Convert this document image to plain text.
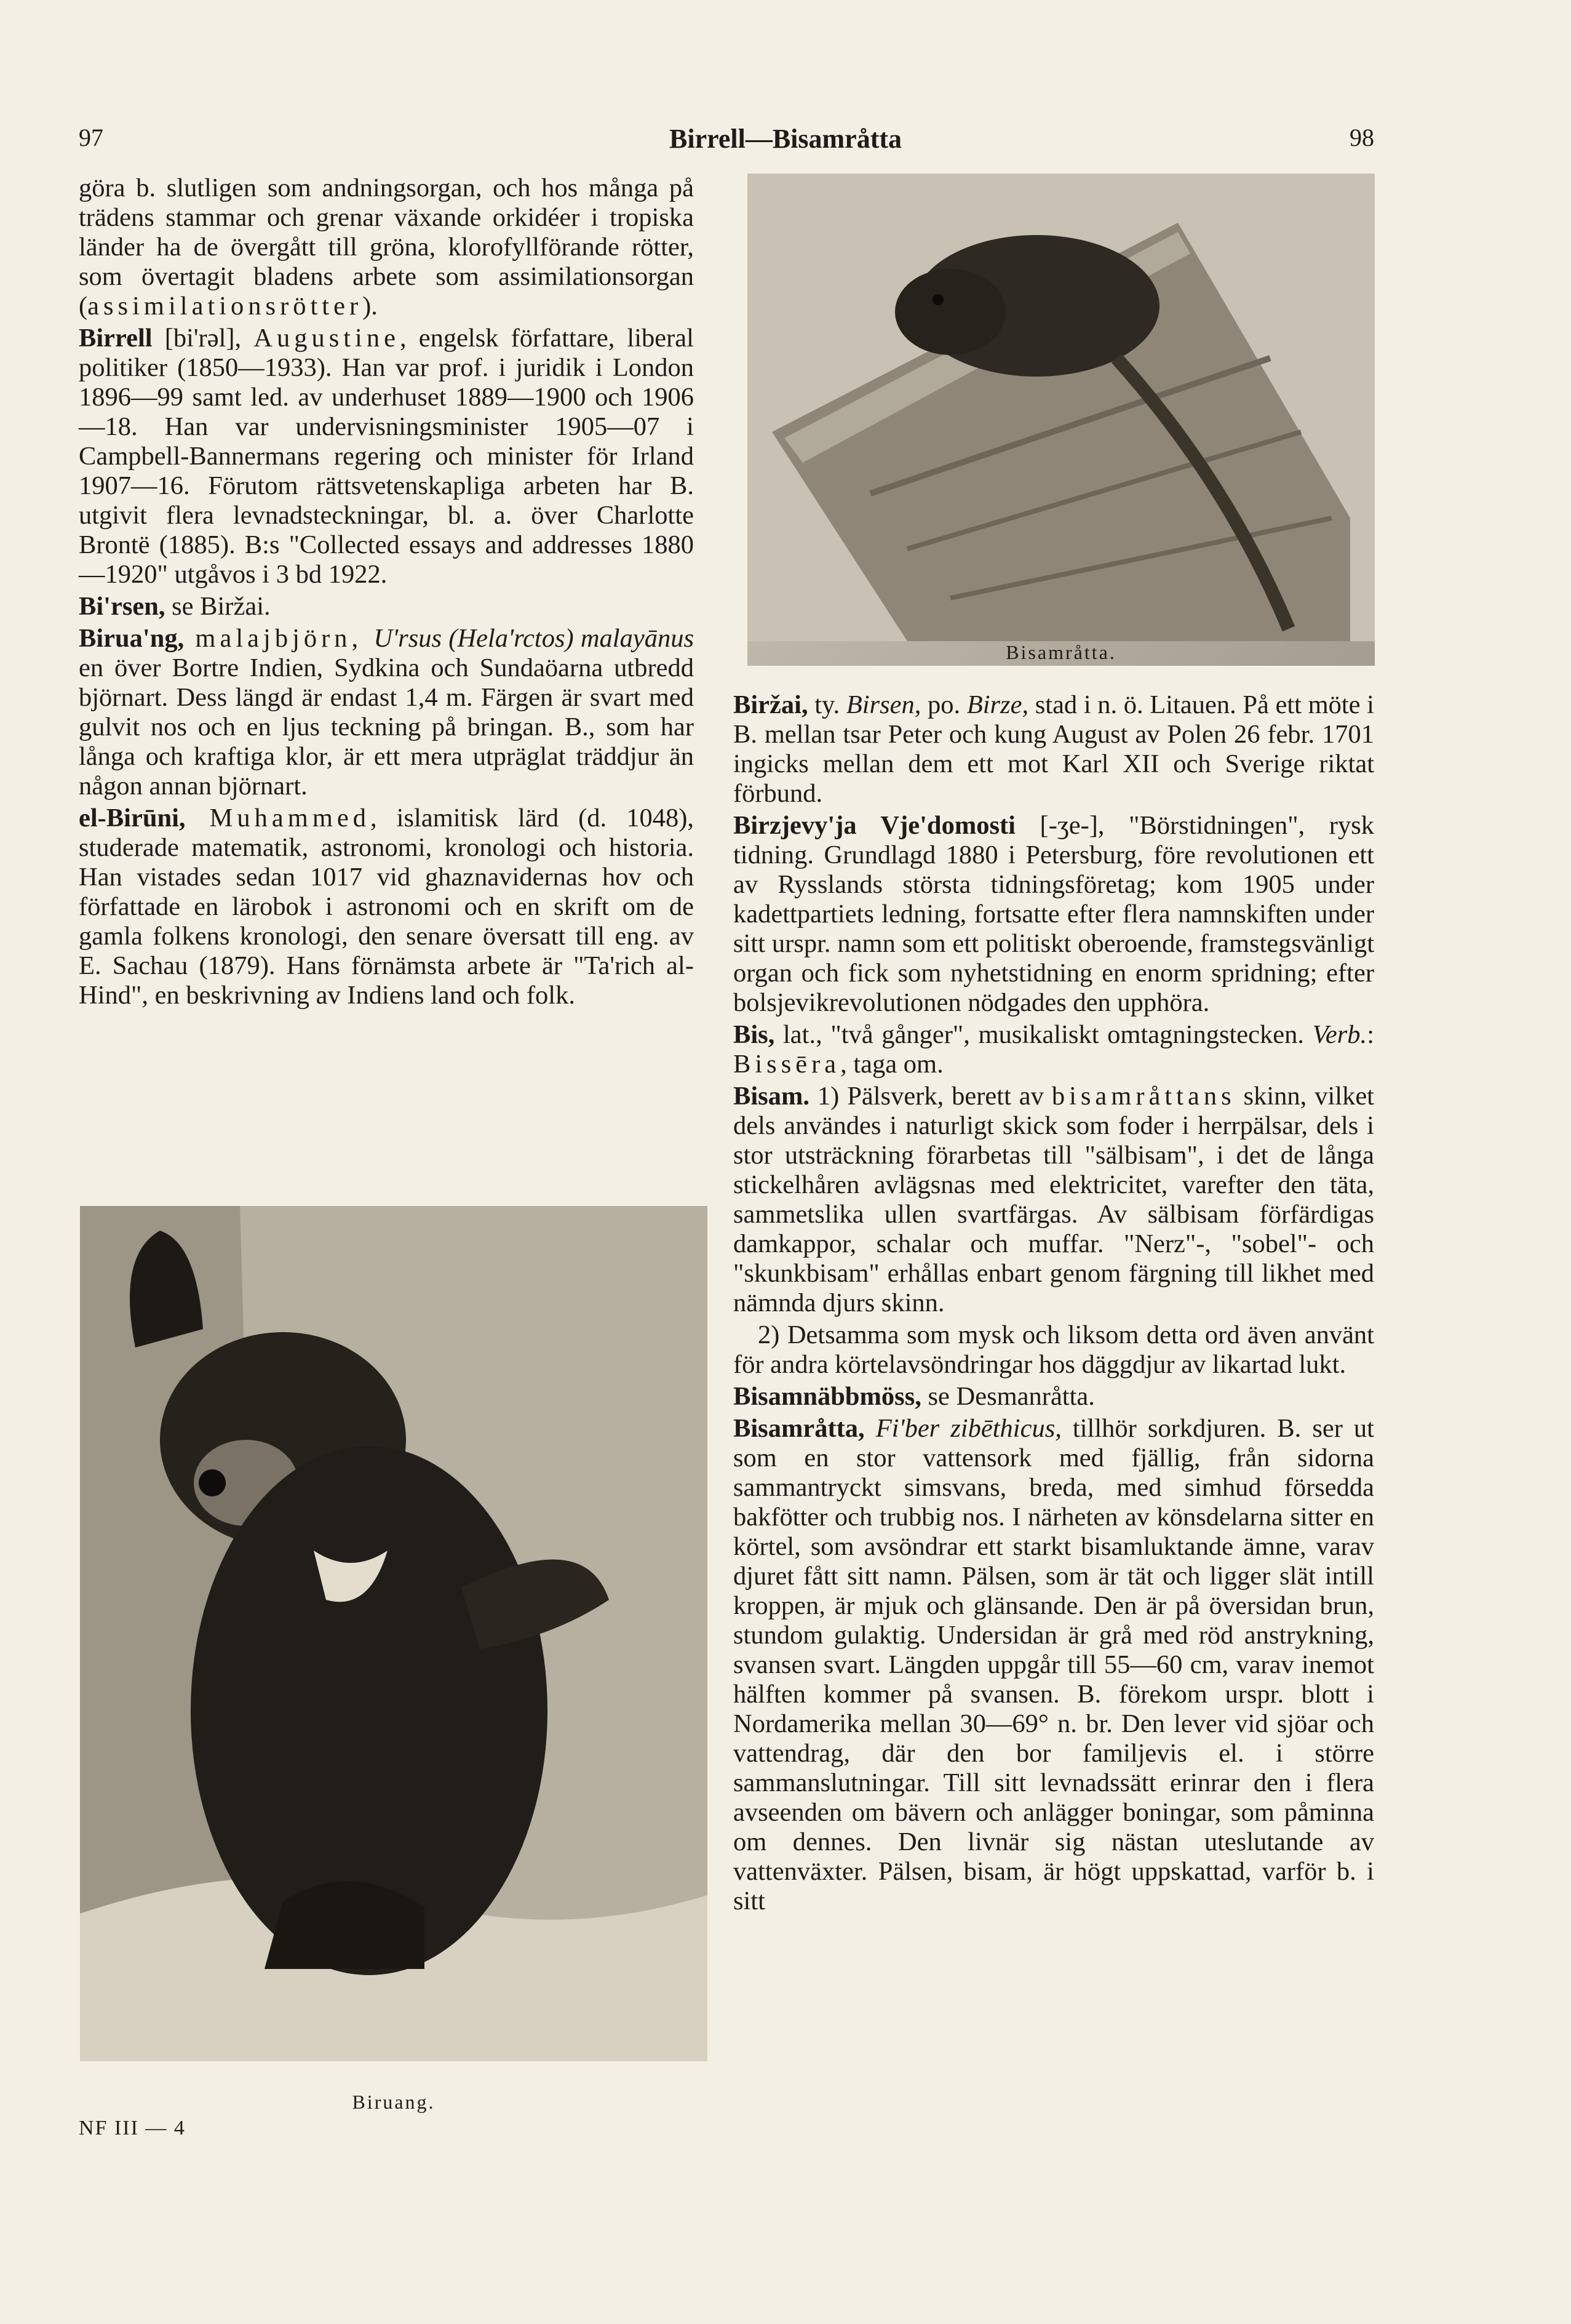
97	Birrell—Bisamråtta	98

göra b. slutligen som andningsorgan, och hos många på trädens stammar och grenar växande orkidéer i tropiska länder ha de övergått till gröna, klorofyllförande rötter, som övertagit bladens arbete som assimilationsorgan (assimilationsrötter).

Birrell [bi'rəl], Augustine, engelsk författare, liberal politiker (1850—1933). Han var prof. i juridik i London 1896—99 samt led. av underhuset 1889—1900 och 1906—18. Han var undervisningsminister 1905—07 i Campbell-Bannermans regering och minister för Irland 1907—16. Förutom rättsvetenskapliga arbeten har B. utgivit flera levnadsteckningar, bl. a. över Charlotte Brontë (1885). B:s "Collected essays and addresses 1880—1920" utgåvos i 3 bd 1922.

Bi'rsen, se Biržai.

Birua'ng, malajbjörn, U'rsus (Hela'rctos) malayānus en över Bortre Indien, Sydkina och Sundaöarna utbredd björnart. Dess längd är endast 1,4 m. Färgen är svart med gulvit nos och en ljus teckning på bringan. B., som har långa och kraftiga klor, är ett mera utpräglat träddjur än någon annan björnart.

el-Birūni, Muhammed, islamitisk lärd (d. 1048), studerade matematik, astronomi, kronologi och historia. Han vistades sedan 1017 vid ghaznavidernas hov och författade en lärobok i astronomi och en skrift om de gamla folkens kronologi, den senare översatt till eng. av E. Sachau (1879). Hans förnämsta arbete är "Ta'rich al-Hind", en beskrivning av Indiens land och folk.

Bisamråtta.

Biržai, ty. Birsen, po. Birze, stad i n. ö. Litauen. På ett möte i B. mellan tsar Peter och kung August av Polen 26 febr. 1701 ingicks mellan dem ett mot Karl XII och Sverige riktat förbund.

Birzjevy'ja Vje'domosti [-ʒe-], "Börstidningen", rysk tidning. Grundlagd 1880 i Petersburg, före revolutionen ett av Rysslands största tidningsföretag; kom 1905 under kadettpartiets ledning, fortsatte efter flera namnskiften under sitt urspr. namn som ett politiskt oberoende, framstegsvänligt organ och fick som nyhetstidning en enorm spridning; efter bolsjevikrevolutionen nödgades den upphöra.

Bis, lat., "två gånger", musikaliskt omtagningstecken. Verb.: Bissēra, taga om.

Bisam. 1) Pälsverk, berett av bisamråttans skinn, vilket dels användes i naturligt skick som foder i herrpälsar, dels i stor utsträckning förarbetas till "sälbisam", i det de långa stickelhåren avlägsnas med elektricitet, varefter den täta, sammetslika ullen svartfärgas. Av sälbisam förfärdigas damkappor, schalar och muffar. "Nerz"-, "sobel"- och "skunkbisam" erhållas enbart genom färgning till likhet med nämnda djurs skinn.

2) Detsamma som mysk och liksom detta ord även använt för andra körtelavsöndringar hos däggdjur av likartad lukt.

Bisamnäbbmöss, se Desmanråtta.

Bisamråtta, Fi'ber zibēthicus, tillhör sorkdjuren. B. ser ut som en stor vattensork med fjällig, från sidorna sammantryckt simsvans, breda, med simhud försedda bakfötter och trubbig nos. I närheten av könsdelarna sitter en körtel, som avsöndrar ett starkt bisamluktande ämne, varav djuret fått sitt namn. Pälsen, som är tät och ligger slät intill kroppen, är mjuk och glänsande. Den är på översidan brun, stundom gulaktig. Undersidan är grå med röd anstrykning, svansen svart. Längden uppgår till 55—60 cm, varav inemot hälften kommer på svansen. B. förekom urspr. blott i Nordamerika mellan 30—69° n. br. Den lever vid sjöar och vattendrag, där den bor familjevis el. i större sammanslutningar. Till sitt levnadssätt erinrar den i flera avseenden om bävern och anlägger boningar, som påminna om dennes. Den livnär sig nästan uteslutande av vattenväxter. Pälsen, bisam, är högt uppskattad, varför b. i sitt

Biruang.
NF III — 4
